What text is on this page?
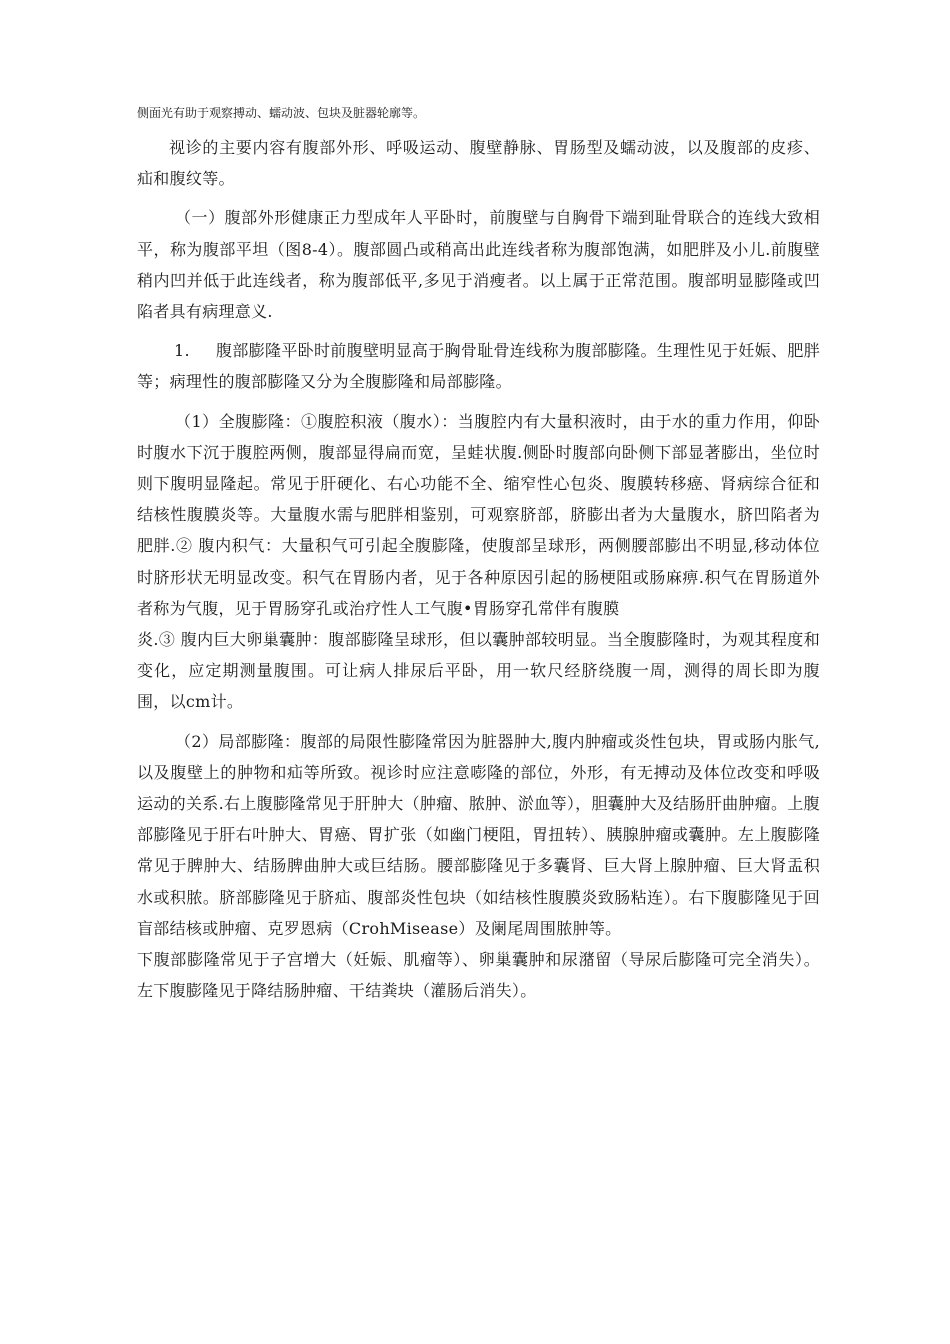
侧面光有助于观察搏动、蠕动波、包块及脏器轮廓等。

视诊的主要内容有腹部外形、呼吸运动、腹壁静脉、胃肠型及蠕动波，以及腹部的皮疹、疝和腹纹等。

（一）腹部外形健康正力型成年人平卧时，前腹壁与自胸骨下端到耻骨联合的连线大致相平，称为腹部平坦（图8-4）。腹部圆凸或稍高出此连线者称为腹部饱满，如肥胖及小儿.前腹壁稍内凹并低于此连线者，称为腹部低平,多见于消瘦者。以上属于正常范围。腹部明显膨隆或凹陷者具有病理意义.

1. 腹部膨隆平卧时前腹壁明显高于胸骨耻骨连线称为腹部膨隆。生理性见于妊娠、肥胖等；病理性的腹部膨隆又分为全腹膨隆和局部膨隆。

（1）全腹膨隆：①腹腔积液（腹水）：当腹腔内有大量积液时，由于水的重力作用，仰卧时腹水下沉于腹腔两侧，腹部显得扁而宽，呈蛙状腹.侧卧时腹部向卧侧下部显著膨出，坐位时则下腹明显隆起。常见于肝硬化、右心功能不全、缩窄性心包炎、腹膜转移癌、肾病综合征和结核性腹膜炎等。大量腹水需与肥胖相鉴别，可观察脐部，脐膨出者为大量腹水，脐凹陷者为肥胖.② 腹内积气：大量积气可引起全腹膨隆，使腹部呈球形，两侧腰部膨出不明显,移动体位时脐形状无明显改变。积气在胃肠内者，见于各种原因引起的肠梗阻或肠麻痹.积气在胃肠道外者称为气腹，见于胃肠穿孔或治疗性人工气腹•胃肠穿孔常伴有腹膜

炎.③ 腹内巨大卵巢囊肿：腹部膨隆呈球形，但以囊肿部较明显。当全腹膨隆时，为观其程度和变化，应定期测量腹围。可让病人排尿后平卧，用一软尺经脐绕腹一周，测得的周长即为腹围，以cm计。

（2）局部膨隆：腹部的局限性膨隆常因为脏器肿大,腹内肿瘤或炎性包块，胃或肠内胀气,以及腹壁上的肿物和疝等所致。视诊时应注意嘭隆的部位，外形，有无搏动及体位改变和呼吸运动的关系.右上腹膨隆常见于肝肿大（肿瘤、脓肿、淤血等），胆囊肿大及结肠肝曲肿瘤。上腹部膨隆见于肝右叶肿大、胃癌、胃扩张（如幽门梗阻，胃扭转）、胰腺肿瘤或囊肿。左上腹膨隆常见于脾肿大、结肠脾曲肿大或巨结肠。腰部膨隆见于多囊肾、巨大肾上腺肿瘤、巨大肾盂积水或积脓。脐部膨隆见于脐疝、腹部炎性包块（如结核性腹膜炎致肠粘连）。右下腹膨隆见于回盲部结核或肿瘤、克罗恩病（CrohMisease）及阑尾周围脓肿等。

下腹部膨隆常见于子宫增大（妊娠、肌瘤等）、卵巢囊肿和尿潴留（导尿后膨隆可完全消失）。左下腹膨隆见于降结肠肿瘤、干结粪块（灌肠后消失）。
